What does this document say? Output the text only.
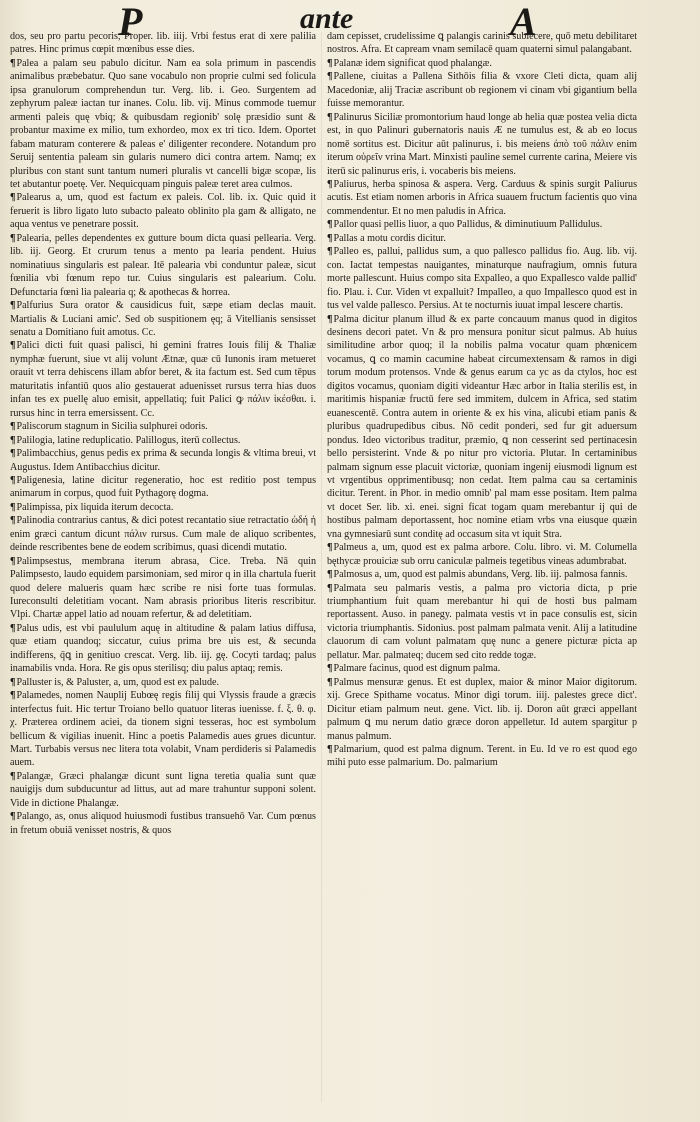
P	ante	A

dos, seu pro partu pecoris, Proper. lib. iiij. Vrbi festus erat di xere palilia patres. Hinc primus cœpit mœnibus esse dies.

¶Palea a palam seu pabulo dicitur. Nam ea sola primum in pascendis animalibus præbebatur. Quo sane vocabulo non proprie culmi sed folicula ipsa granulorum comprehendun tur. Verg. lib. i. Geo. Surgentem ad zephyrum paleæ iactan tur inanes. Colu. lib. vij. Minus commode tuemur armenti paleis quę vbiq; & quibusdam regionib' solę præsidio sunt & probantur maxime ex milio, tum exhordeo, mox ex tri tico. Idem. Oportet fabam maturam conterere & paleas e' diligenter recondere. Notandum pro Seruij sententia paleam sin gularis numero dici contra artem. Namq; ex pluribus con stant sunt tantum numeri pluralis vt cancelli bigæ scopæ, lis tet abutantur poetę. Ver. Nequicquam pinguis paleæ teret area culmos.

¶Palearus a, um, quod est factum ex paleis. Col. lib. ix. Quic quid it feruerit is libro ligato luto subacto paleato oblinito pla gam & alligato, ne aqua ventus ve penetrare possit.

¶Palearia, pelles dependentes ex gutture boum dicta quasi pellearia. Verg. lib. iij. Georg. Et crurum tenus a mento pa learia pendent. Huius nominatiuus singularis est palear. Itē palearia vbi conduntur paleæ, sicut fœnilia vbi fœnum repo tur. Cuius singularis est palearium. Colu. Defunctaria fœni lia palearia q; & apothecas & horrea.

¶Palfurius Sura orator & causidicus fuit, sæpe etiam declas mauit. Martialis & Luciani amic'. Sed ob suspitionem ęq; ā Vitellianis sensisset senatu a Domitiano fuit amotus. Cc.

¶Palici dicti fuit quasi palisci, hi gemini fratres Iouis filij & Thaliæ nymphæ fuerunt, siue vt alij volunt Ætnæ, quæ cū Iunonis iram metueret orauit vt terra dehiscens illam abfor beret, & ita factum est. Sed cum tēpus maturitatis infantiū quos alio gestauerat aduenisset rursus terra hias duos infan tes ex puellę aluo emisit, appellatiq; fuit Palici ꝙ πάλιν ἱκέσθαι. i. rursus hinc in terra emersissent. Cc.

¶Paliscorum stagnum in Sicilia sulphurei odoris.

¶Palilogia, latine reduplicatio. Palillogus, iterū collectus.

¶Palimbacchius, genus pedis ex prima & secunda longis & vltima breui, vt Augustus. Idem Antibacchius dicitur.

¶Paligenesia, latine dicitur regeneratio, hoc est reditio post tempus animarum in corpus, quod fuit Pythagorę dogma.

¶Palimpissa, pix liquida iterum decocta.

¶Palinodia contrarius cantus, & dici potest recantatio siue retractatio ὠδή ἡ enim græci cantum dicunt πάλιν rursus. Cum male de aliquo scribentes, deinde rescribentes bene de eodem scribimus, quasi dicendi mutatio.

¶Palimpsestus, membrana iterum abrasa, Cice. Treba. Nā quin Palimpsesto, laudo equidem parsimoniam, sed miror q in illa chartula fuerit quod delere malueris quam hæc scribe re nisi forte tuas formulas. Iureconsulti deletitiam vocant. Nam abrasis prioribus literis rescribitur. Vlpi. Chartæ appel latio ad nouam refertur, & ad deletitiam.

¶Palus udis, est vbi paululum aquę in altitudine & palam latius diffusa, quæ etiam quandoq; siccatur, cuius prima bre uis est, & secunda indifferens, q̄ꝗ in genitiuo crescat. Verg. lib. iij. gę. Cocyti tardaq; palus inamabilis vnda. Hora. Re gis opus sterilisq; diu palus aptaq; remis.

¶Palluster is, & Paluster, a, um, quod est ex palude.

¶Palamedes, nomen Nauplij Eubœę regis filij qui Vlyssis fraude a græcis interfectus fuit. Hic tertur Troiano bello quatuor literas iuenisse. f. ξ. θ. φ. χ. Præterea ordinem aciei, da tionem signi tesseras, hoc est symbolum bellicum & vigilias inuenit. Hinc a poetis Palamedis aues grues dicuntur. Mart. Turbabis versus nec litera tota volabit, Vnam perdideris si Palamedis auem.

¶Palangæ, Græci phalangæ dicunt sunt ligna teretia qualia sunt quæ nauigijs dum subducuntur ad littus, aut ad mare trahuntur supponi solent. Vide in dictione Phalangæ.

¶Palango, as, onus aliquod huiusmodi fustibus transuehō Var. Cum pœnus in fretum obuiā venisset nostris, & quos

dam cepisset, crudelissime ꝗ palangis carinis subiecere, quō metu debilitaret nostros. Afra. Et capream vnam semilacē quam quaterni simul palangabant.

¶Palanæ idem significat quod phalangæ.

¶Pallene, ciuitas a Pallena Sithōis filia & vxore Cleti dicta, quam alij Macedoniæ, alij Traciæ ascribunt ob regionem vi cinam vbi gigantium bella fuisse memorantur.

¶Palinurus Siciliæ promontorium haud longe ab helia quæ postea velia dicta est, in quo Palinuri gubernatoris nauis Æ ne tumulus est, & ab eo locus nomē sortitus est. Dicitur aūt palinurus, i. bis meiens ἀπὸ τοῦ πάλιν enim iterum οὐρεῖν vrina Mart. Minxisti pauline semel currente carina, Meiere vis iterū sic palinurus eris, i. vocaberis bis meiens.

¶Paliurus, herba spinosa & aspera. Verg. Carduus & spinis surgit Paliurus acutis. Est etiam nomen arboris in Africa suauem fructum facientis quo vina commendentur. Et no men paludis in Africa.

¶Pallor quasi pellis liuor, a quo Pallidus, & diminutiuum Pallidulus.

¶Pallas a motu cordis dicitur.

¶Palleo es, pallui, pallidus sum, a quo pallesco pallidus fio. Aug. lib. vij. con. Iactat tempestas nauigantes, minaturque naufragium, omnis futura morte pallescunt. Huius compo sita Expalleo, a quo Expallesco valde pallid' fio. Plau. i. Cur. Viden vt expalluit? Impalleo, a quo Impallesco quod est in tus vel valde pallesco. Persius. At te nocturnis iuuat impal lescere chartis.

¶Palma dicitur planum illud & ex parte concauum manus quod in digitos desinens decori patet. Vn & pro mensura ponitur sicut palmus. Ab huius similitudine arbor quoq; il la nobilis palma vocatur quam phœnicem vocamus, ꝗ co mamin cacumine habeat circumextensam & ramos in digi torum modum protensos. Vnde & genus earum ca yc as da ctylos, hoc est digitos vocamus, quoniam digiti videantur Hæc arbor in Italia sterilis est, in maritimis hispaniæ fructū fere sed immitem, dulcem in Africa, sed statim euanescentē. Contra autem in oriente & ex his vina, alicubi etiam panis & pluribus quadrupedibus cibus. Nō cedit ponderi, sed fur git aduersum pondus. Ideo victoribus traditur, præmio, ꝗ non cesserint sed pertinacesin bello persisterint. Vnde & po nitur pro victoria. Plutar. In certaminibus palmam signum esse placuit victoriæ, quoniam ingenij eiusmodi lignum est vt vrgentibus opprimentibusq; non cedat. Item palma cau sa certaminis dicitur. Terent. in Phor. in medio omnib' pal mam esse positam. Item palma vt docet Ser. lib. xi. enei. signi ficat togam quam merebantur ij qui de hostibus palmam deportassent, hoc nomine etiam vrbs vna eiusque quæin vna gymnesiarū sunt conditę ad occasum sita vt iquit Stra.

¶Palmeus a, um, quod est ex palma arbore. Colu. libro. vi. M. Columella bęthycæ prouiciæ sub orru caniculæ palmeis tegetibus vineas adumbrabat.

¶Palmosus a, um, quod est palmis abundans, Verg. lib. iij. palmosa fannis.

¶Palmata seu palmaris vestis, a palma pro victoria dicta, p prie triumphantium fuit quam merebantur hi qui de hosti bus palmam reportassent. Auso. in panegy. palmata vestis vt in pace consulis est, sicin victoria triumphantis. Sidonius. post palmam palmata venit. Alij a latitudine clauorum di cam volunt palmatam quę nunc a genere picturæ picta ap pellatur. Mar. palmateq; ducem sed cito redde togæ.

¶Palmare facinus, quod est dignum palma.

¶Palmus mensuræ genus. Et est duplex, maior & minor Maior digitorum. xij. Grece Spithame vocatus. Minor digi torum. iiij. palestes grece dict'. Dicitur etiam palmum neut. gene. Vict. lib. ij. Doron aūt græci appellant palmum ꝗ mu nerum datio græce doron appelletur. Id autem spargitur p manus palmum.

¶Palmarium, quod est palma dignum. Terent. in Eu. Id ve ro est quod ego mihi puto esse palmarium. Do. palmarium
